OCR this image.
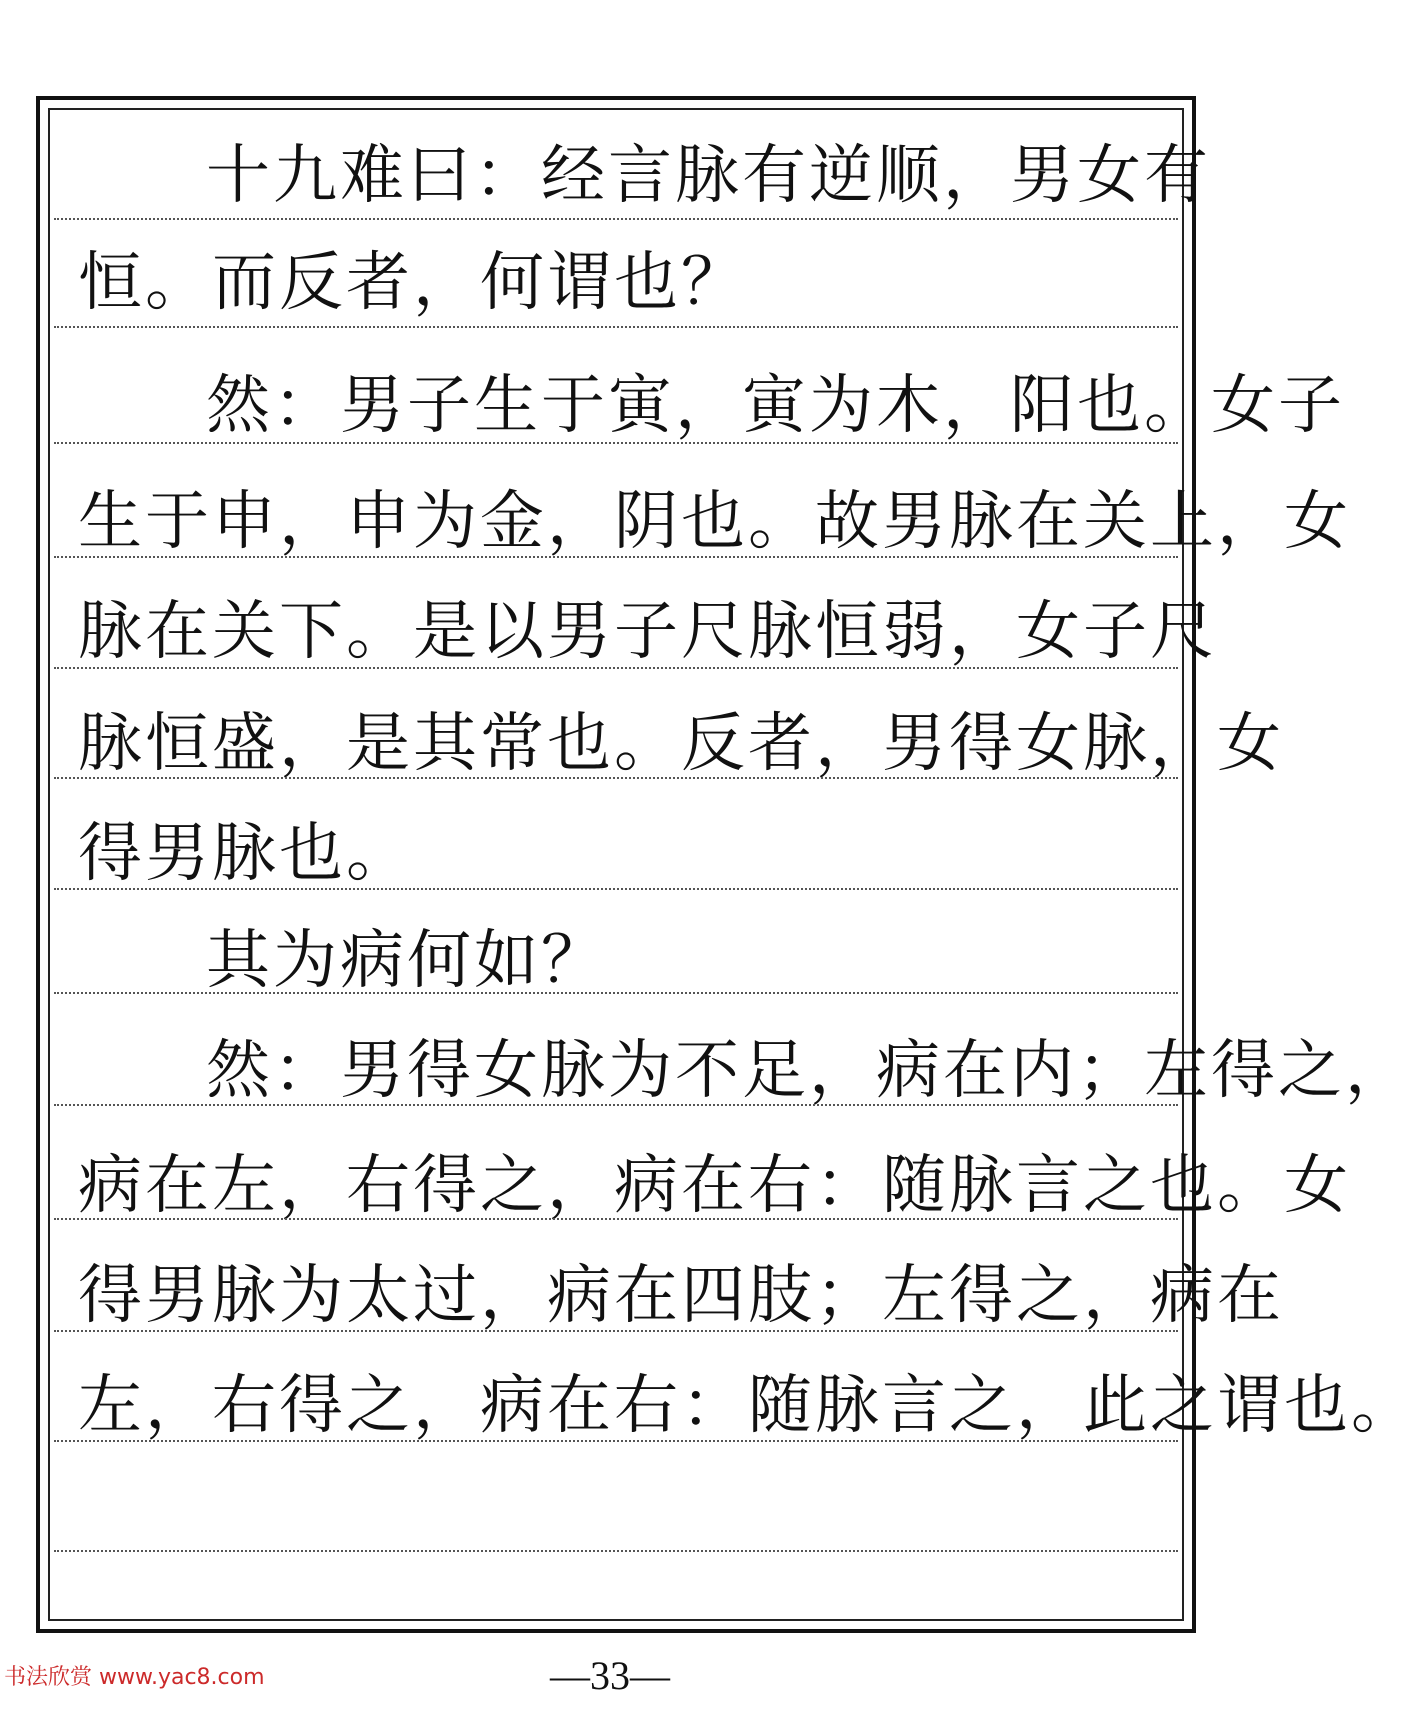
十九难曰：经言脉有逆顺，男女有
恒。而反者，何谓也？
然：男子生于寅，寅为木，阳也。女子
生于申，申为金，阴也。故男脉在关上，女
脉在关下。是以男子尺脉恒弱，女子尺
脉恒盛，是其常也。反者，男得女脉，女
得男脉也。
其为病何如？
然：男得女脉为不足，病在内；左得之，
病在左，右得之，病在右：随脉言之也。女
得男脉为太过，病在四肢；左得之，病在
左，右得之，病在右：随脉言之，此之谓也。
书法欣赏 www.yac8.com	—33—
